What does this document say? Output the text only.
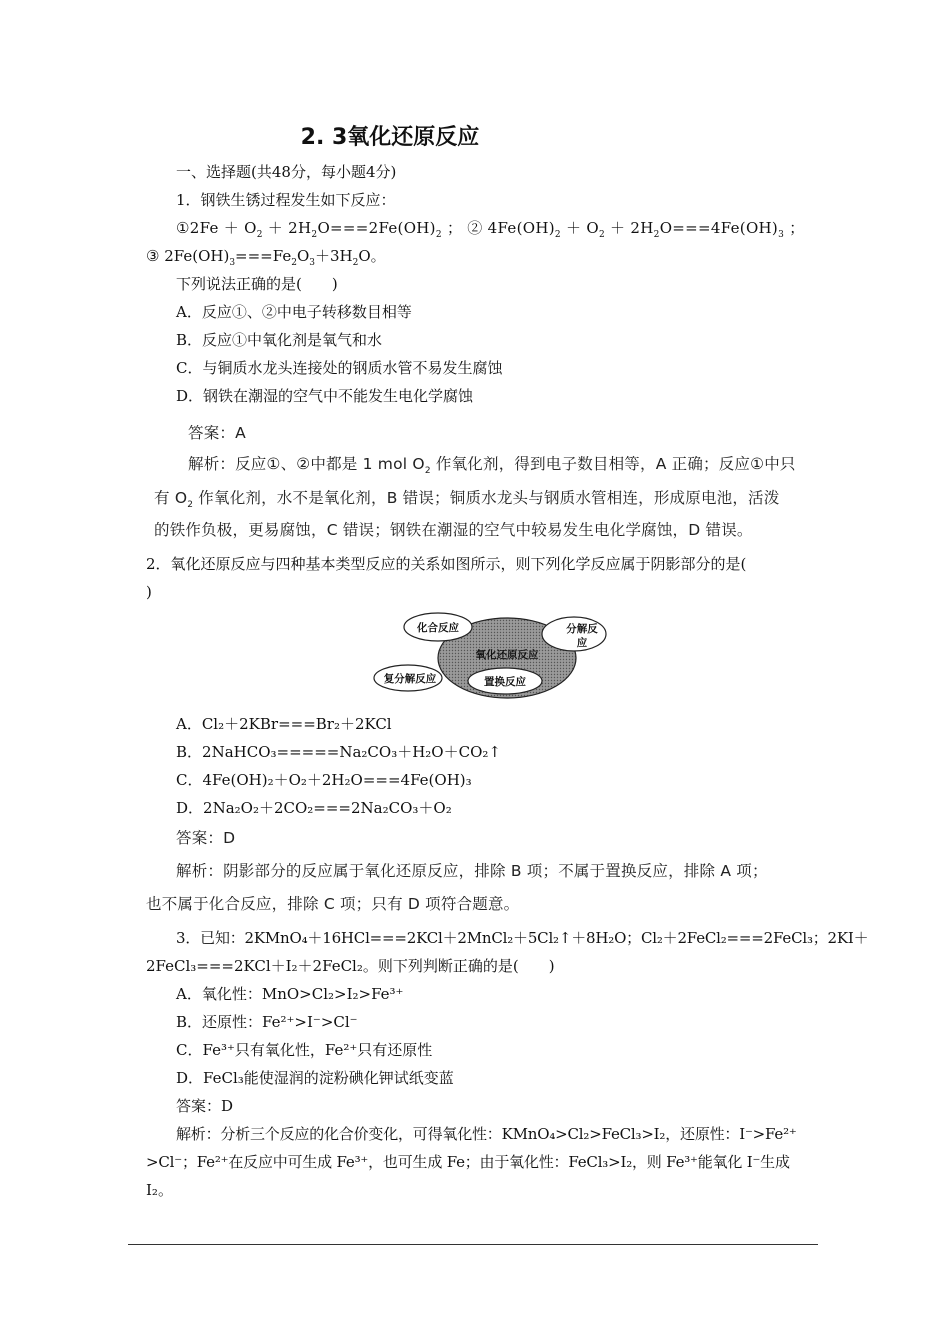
2. 3氧化还原反应
一、选择题(共48分，每小题4分)
1．钢铁生锈过程发生如下反应：
①2Fe ＋ $O_2 + 2H_2O===2Fe(OH)_2$ ； ② $4Fe(OH)_2 + O_2 + 2H_2O===4Fe(OH)_3$ ；
③ $2Fe(OH)_3===Fe_2O_3+3H_2O$。
下列说法正确的是(　　)
A．反应①、②中电子转移数目相等
B．反应①中氧化剂是氧气和水
C．与铜质水龙头连接处的钢质水管不易发生腐蚀
D．钢铁在潮湿的空气中不能发生电化学腐蚀
答案：A
解析：反应①、②中都是 1 mol $O_2$ 作氧化剂，得到电子数目相等，A 正确；反应①中只
有 $O_2$ 作氧化剂，水不是氧化剂，B 错误；铜质水龙头与钢质水管相连，形成原电池，活泼
的铁作负极，更易腐蚀，C 错误；钢铁在潮湿的空气中较易发生电化学腐蚀，D 错误。
2．氧化还原反应与四种基本类型反应的关系如图所示，则下列化学反应属于阴影部分的是(
)
化合反应	分解反
应
氧化还原反应
复分解反应	置换反应
A．Cl₂＋2KBr===Br₂＋2KCl
B．2NaHCO₃=====Na₂CO₃＋H₂O＋CO₂↑
C．4Fe(OH)₂＋O₂＋2H₂O===4Fe(OH)₃
D．2Na₂O₂＋2CO₂===2Na₂CO₃＋O₂
答案：D
解析：阴影部分的反应属于氧化还原反应，排除 B 项；不属于置换反应，排除 A 项；
也不属于化合反应，排除 C 项；只有 D 项符合题意。
3．已知：2KMnO₄＋16HCl===2KCl＋2MnCl₂＋5Cl₂↑＋8H₂O；Cl₂＋2FeCl₂===2FeCl₃；2KI＋
2FeCl₃===2KCl＋I₂＋2FeCl₂。则下列判断正确的是(　　)
A．氧化性：MnO>Cl₂>I₂>Fe³⁺
B．还原性：Fe²⁺>I⁻>Cl⁻
C．Fe³⁺只有氧化性，Fe²⁺只有还原性
D．FeCl₃能使湿润的淀粉碘化钾试纸变蓝
答案：D
解析：分析三个反应的化合价变化，可得氧化性：KMnO₄>Cl₂>FeCl₃>I₂，还原性：I⁻>Fe²⁺
>Cl⁻；Fe²⁺在反应中可生成 Fe³⁺，也可生成 Fe；由于氧化性：FeCl₃>I₂，则 Fe³⁺能氧化 I⁻生成
I₂。
